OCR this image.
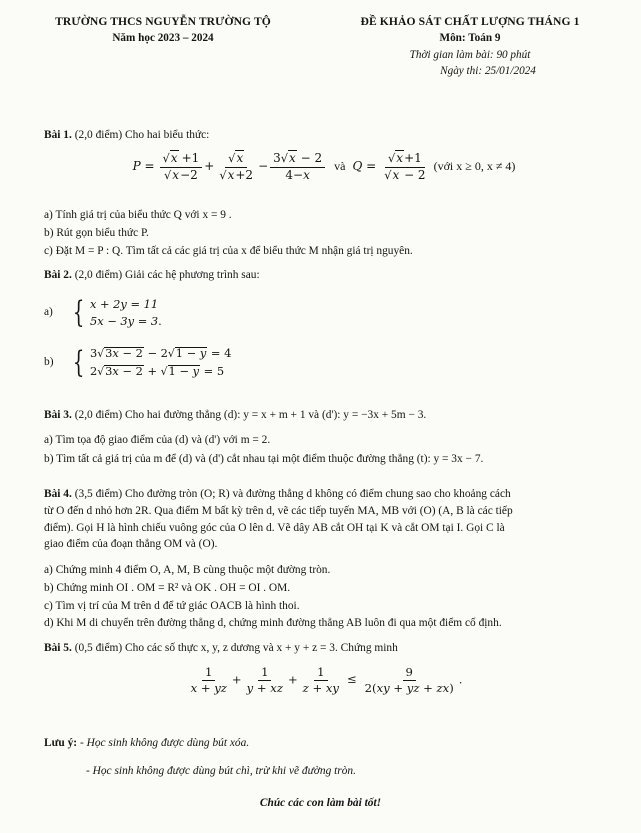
TRƯỜNG THCS NGUYỄN TRƯỜNG TỘ
Năm học 2023 – 2024
ĐỀ KHẢO SÁT CHẤT LƯỢNG THÁNG 1
Môn: Toán 9
Thời gian làm bài: 90 phút
Ngày thi: 25/01/2024
Bài 1. (2,0 điểm) Cho hai biểu thức:
$P = \frac{√x +1}{√x-2} + \frac{√x}{√x+2} - \frac{3√x - 2}{4-x}$ và $Q = \frac{√x+1}{√x - 2}$ (với x ≥ 0, x ≠ 4)
a) Tính giá trị của biểu thức Q với x = 9 .
b) Rút gọn biểu thức P.
c) Đặt M = P : Q. Tìm tất cả các giá trị của x để biểu thức M nhận giá trị nguyên.
Bài 2. (2,0 điểm) Giải các hệ phương trình sau:
a) { x + 2y = 11
5x − 3y = 3 .
b) { 3√3x − 2 − 2√1 − y = 4
2√3x − 2 + √1 − y = 5
Bài 3. (2,0 điểm) Cho hai đường thẳng (d): y = x + m + 1 và (d'): y = −3x + 5m − 3.
a) Tìm tọa độ giao điểm của (d) và (d') với m = 2.
b) Tìm tất cả giá trị của m để (d) và (d') cắt nhau tại một điểm thuộc đường thẳng (t): y = 3x − 7.
Bài 4. (3,5 điểm) Cho đường tròn (O; R) và đường thẳng d không có điểm chung sao cho khoảng cách
từ O đến d nhỏ hơn 2R. Qua điểm M bất kỳ trên d, vẽ các tiếp tuyến MA, MB với (O) (A, B là các tiếp
điểm). Gọi H là hình chiếu vuông góc của O lên d. Vẽ dây AB cắt OH tại K và cắt OM tại I. Gọi C là
giao điểm của đoạn thẳng OM và (O).
a) Chứng minh 4 điểm O, A, M, B cùng thuộc một đường tròn.
b) Chứng minh OI . OM = R² và OK . OH = OI . OM.
c) Tìm vị trí của M trên d để tứ giác OACB là hình thoi.
d) Khi M di chuyển trên đường thẳng d, chứng minh đường thẳng AB luôn đi qua một điểm cố định.
Bài 5. (0,5 điểm) Cho các số thực x, y, z dương và x + y + z = 3. Chứng minh
$\frac{1}{x + yz} + \frac{1}{y + xz} + \frac{1}{z + xy} \le \frac{9}{2(xy + yz + zx)}$ .
Lưu ý: - Học sinh không được dùng bút xóa.
- Học sinh không được dùng bút chì, trừ khi vẽ đường tròn.
Chúc các con làm bài tốt!
